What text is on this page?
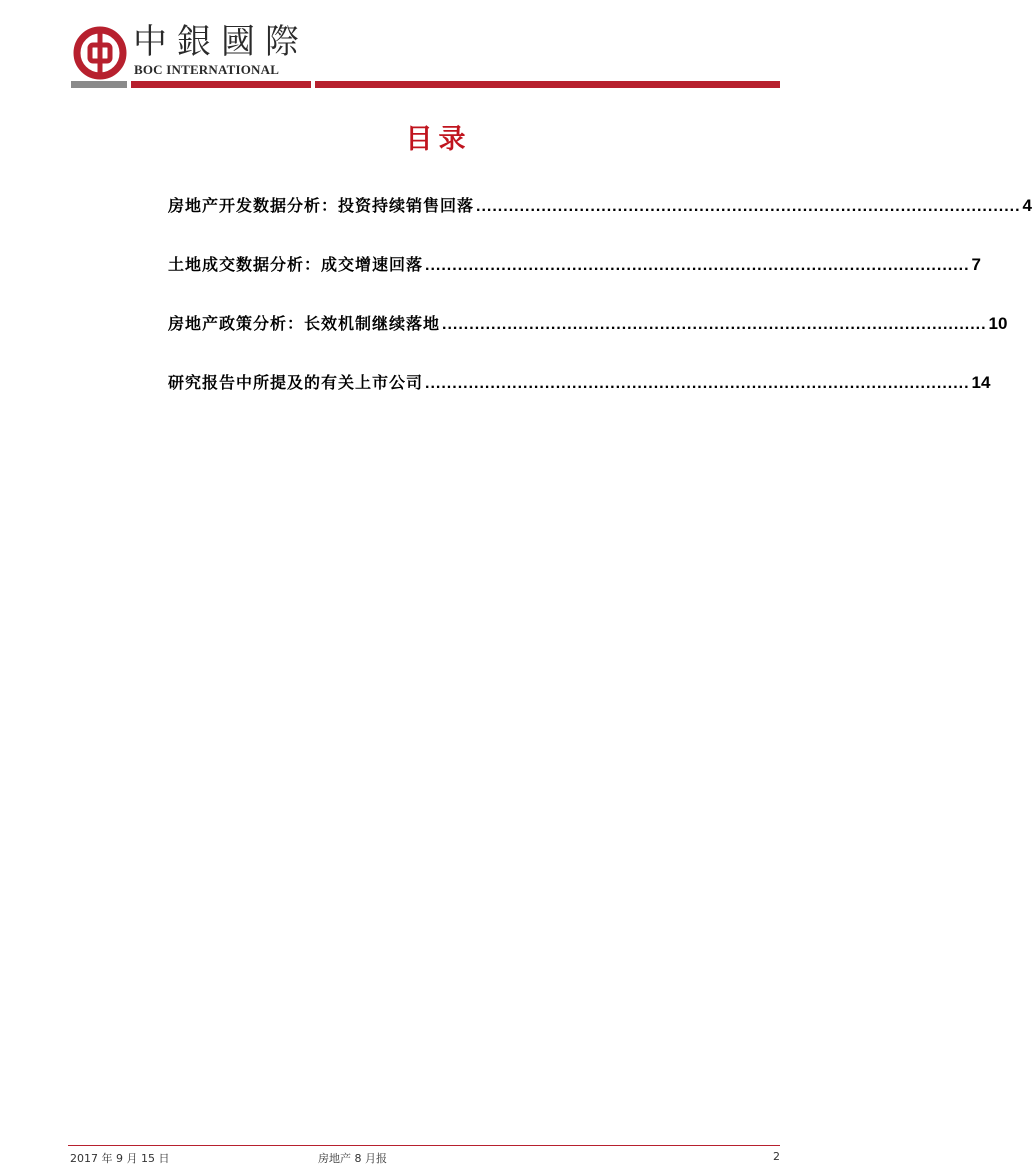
中銀國際
BOC INTERNATIONAL
目录
房地产开发数据分析：投资持续销售回落 .................................................................................................... 4
土地成交数据分析：成交增速回落 .................................................................................................... 7
房地产政策分析：长效机制继续落地 .................................................................................................... 10
研究报告中所提及的有关上市公司 .................................................................................................... 14
2017 年 9 月 15 日	房地产 8 月报	2
